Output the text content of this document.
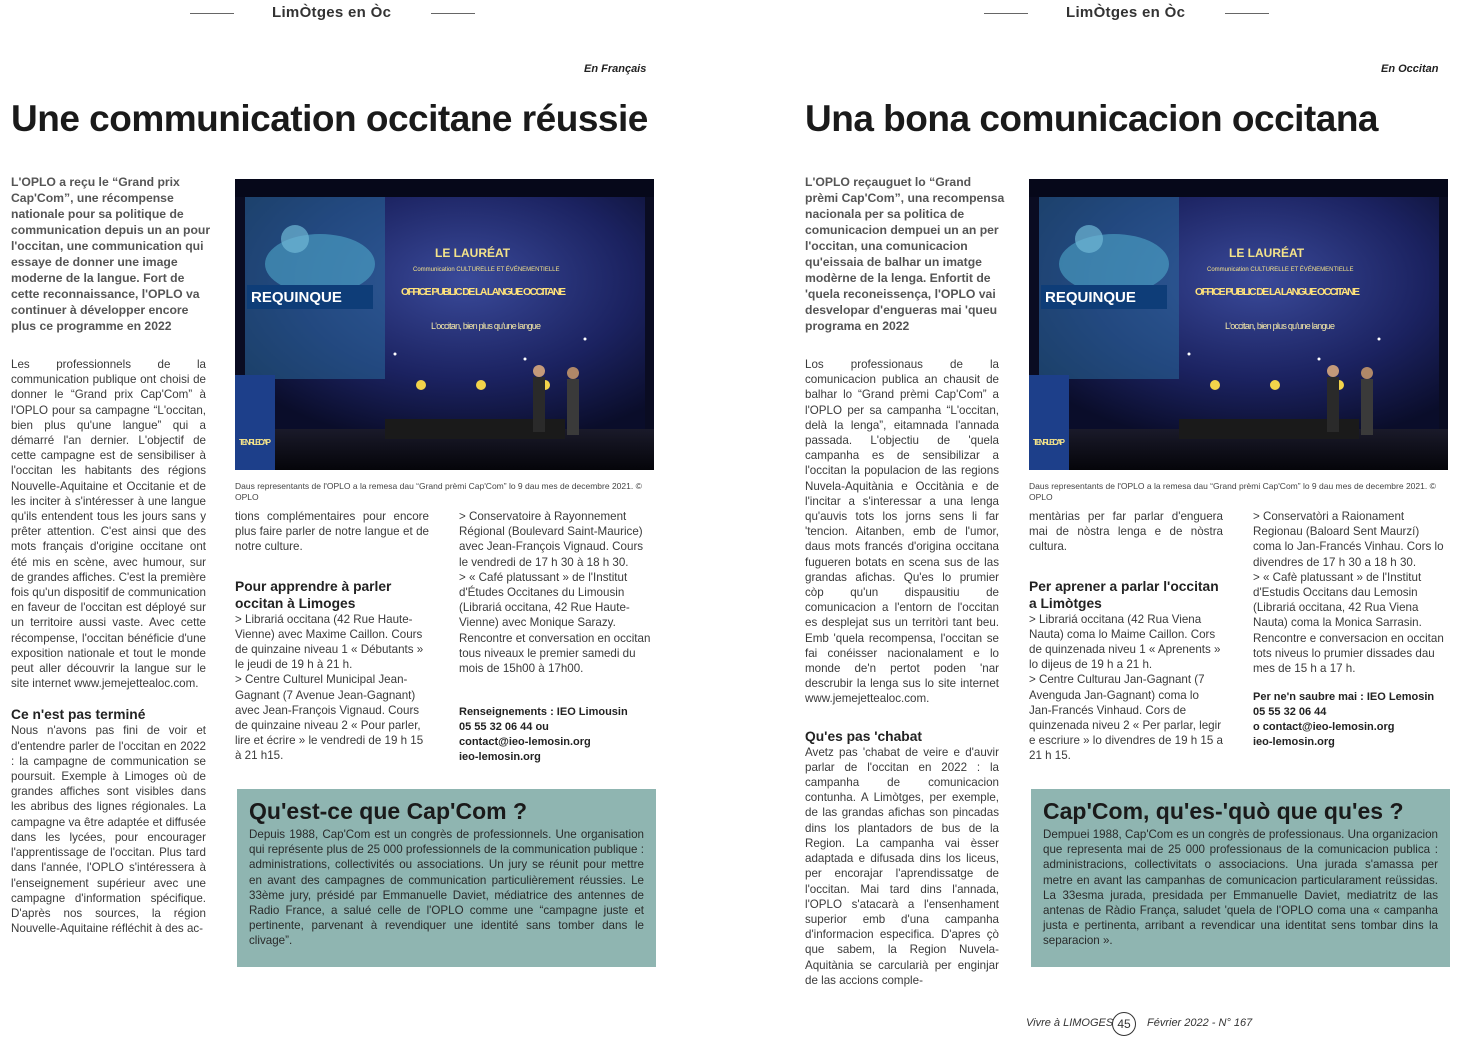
LimÒtges en Òc
En Français
Une communication occitane réussie
L'OPLO a reçu le “Grand prix Cap'Com”, une récompense nationale pour sa politique de communication depuis un an pour l'occitan, une communication qui essaye de donner une image moderne de la langue. Fort de cette reconnaissance, l'OPLO va continuer à développer encore plus ce programme en 2022
REQUINQUE
LE LAURÉAT
Communication CULTURELLE ET ÉVÉNEMENTIELLE
OFFICE PUBLIC DE LA LANGUE OCCITANE
L'occitan, bien plus qu'une langue
TENIR LE CAP
Daus representants de l'OPLO a la remesa dau “Grand prèmi Cap'Com” lo 9 dau mes de decembre 2021. © OPLO

Les professionnels de la communication publique ont choisi de donner le “Grand prix Cap'Com” à l'OPLO pour sa campagne “L'occitan, bien plus qu'une langue” qui a démarré l'an dernier. L'objectif de cette campagne est de sensibiliser à l'occitan les habitants des régions Nouvelle-Aquitaine et Occitanie et de les inciter à s'intéresser à une langue qu'ils entendent tous les jours sans y prêter attention. C'est ainsi que des mots français d'origine occitane ont été mis en scène, avec humour, sur de grandes affiches. C'est la première fois qu'un dispositif de communication en faveur de l'occitan est déployé sur un territoire aussi vaste. Avec cette récompense, l'occitan bénéficie d'une exposition nationale et tout le monde peut aller découvrir la langue sur le site internet www.jemejettealoc.com.

Ce n'est pas terminé

Nous n'avons pas fini de voir et d'entendre parler de l'occitan en 2022 : la campagne de communication se poursuit. Exemple à Limoges où de grandes affiches sont visibles dans les abribus des lignes régionales. La campagne va être adaptée et diffusée dans les lycées, pour encourager l'apprentissage de l'occitan. Plus tard dans l'année, l'OPLO s'intéressera à l'enseignement supérieur avec une campagne d'information spécifique. D'après nos sources, la région Nouvelle-Aquitaine réfléchit à des ac-

tions complémentaires pour encore plus faire parler de notre langue et de notre culture.

Pour apprendre à parler occitan à Limoges

> Librariá occitana (42 Rue Haute-Vienne) avec Maxime Caillon. Cours de quinzaine niveau 1 « Débutants » le jeudi de 19 h à 21 h.

> Centre Culturel Municipal Jean-Gagnant (7 Avenue Jean-Gagnant) avec Jean-François Vignaud. Cours de quinzaine niveau 2 « Pour parler, lire et écrire » le vendredi de 19 h 15 à 21 h15.

> Conservatoire à Rayonnement Régional (Boulevard Saint-Maurice) avec Jean-François Vignaud. Cours le vendredi de 17 h 30 à 18 h 30.

> « Café platussant » de l'Institut d'Études Occitanes du Limousin (Librariá occitana, 42 Rue Haute-Vienne) avec Monique Sarazy. Rencontre et conversation en occitan tous niveaux le premier samedi du mois de 15h00 à 17h00.

Renseignements : IEO Limousin
05 55 32 06 44 ou
contact@ieo-lemosin.org
ieo-lemosin.org
Qu'est-ce que Cap'Com ?

Depuis 1988, Cap'Com est un congrès de professionnels. Une organisation qui représente plus de 25 000 professionnels de la communication publique : administrations, collectivités ou associations. Un jury se réunit pour mettre en avant des campagnes de communication particulièrement réussies. Le 33ème jury, présidé par Emmanuelle Daviet, médiatrice des antennes de Radio France, a salué celle de l'OPLO comme une “campagne juste et pertinente, parvenant à revendiquer une identité sans tomber dans le clivage”.

LimÒtges en Òc
En Occitan
Una bona comunicacion occitana
L'OPLO reçauguet lo “Grand prèmi Cap'Com”, una recompensa nacionala per sa politica de comunicacion dempuei un an per l'occitan, una comunicacion qu'eissaia de balhar un imatge modèrne de la lenga. Enfortit de 'quela reconeissença, l'OPLO vai desvelopar d'engueras mai 'queu programa en 2022
REQUINQUE
LE LAURÉAT
Communication CULTURELLE ET ÉVÉNEMENTIELLE
OFFICE PUBLIC DE LA LANGUE OCCITANE
L'occitan, bien plus qu'une langue
TENIR LE CAP
Daus representants de l'OPLO a la remesa dau “Grand prèmi Cap'Com” lo 9 dau mes de decembre 2021. © OPLO

Los professionaus de la comunicacion publica an chausit de balhar lo “Grand prèmi Cap'Com” a l'OPLO per sa campanha “L'occitan, delà la lenga”, eitamnada l'annada passada. L'objectiu de 'quela campanha es de sensibilizar a l'occitan la populacion de las regions Nuvela-Aquitània e Occitània e de l'incitar a s'interessar a una lenga qu'auvis tots los jorns sens li far 'tencion. Aitanben, emb de l'umor, daus mots francés d'origina occitana fugueren botats en scena sus de las grandas afichas. Qu'es lo prumier còp qu'un dispausitiu de comunicacion a l'entorn de l'occitan es desplejat sus un territòri tant beu. Emb 'quela recompensa, l'occitan se fai conéisser nacionalament e lo monde de'n pertot poden 'nar descrubir la lenga sus lo site internet www.jemejettealoc.com.

Qu'es pas 'chabat

Avetz pas 'chabat de veire e d'auvir parlar de l'occitan en 2022 : la campanha de comunicacion contunha. A Limòtges, per exemple, de las grandas afichas son pincadas dins los plantadors de bus de la Region. La campanha vai èsser adaptada e difusada dins los liceus, per encorajar l'aprendissatge de l'occitan. Mai tard dins l'annada, l'OPLO s'atacarà a l'ensenhament superior emb d'una campanha d'informacion especifica. D'apres çò que sabem, la Region Nuvela-Aquitània se carcularià per enginjar de las accions comple-

mentàrias per far parlar d'enguera mai de nòstra lenga e de nòstra cultura.

Per aprener a parlar l'occitan a Limòtges

> Librariá occitana (42 Rua Viena Nauta) coma lo Maime Caillon. Cors de quinzenada niveu 1 « Aprenents » lo dijeus de 19 h a 21 h.

> Centre Culturau Jan-Gagnant (7 Avenguda Jan-Gagnant) coma lo Jan-Francés Vinhaud. Cors de quinzenada niveu 2 « Per parlar, legir e escriure » lo divendres de 19 h 15 a 21 h 15.

> Conservatòri a Raionament Regionau (Baloard Sent Maurzí) coma lo Jan-Francés Vinhau. Cors lo divendres de 17 h 30 a 18 h 30.

> « Cafè platussant » de l'Institut d'Estudis Occitans dau Lemosin (Librariá occitana, 42 Rua Viena Nauta) coma la Monica Sarrasin. Rencontre e conversacion en occitan tots niveus lo prumier dissades dau mes de 15 h a 17 h.

Per ne'n saubre mai : IEO Lemosin
05 55 32 06 44
o contact@ieo-lemosin.org
ieo-lemosin.org
Cap'Com, qu'es-'quò que qu'es ?

Dempuei 1988, Cap'Com es un congrès de professionaus. Una organizacion que representa mai de 25 000 professionaus de la comunicacion publica : administracions, collectivitats o associacions. Una jurada s'amassa per metre en avant las campanhas de comunicacion particularament reüssidas. La 33esma jurada, presidada per Emmanuelle Daviet, mediatritz de las antenas de Ràdio França, saludet 'quela de l'OPLO coma una « campanha justa e pertinenta, arribant a revendicar una identitat sens tombar dins la separacion ».

Vivre à LIMOGES 45	Février 2022 - N° 167
